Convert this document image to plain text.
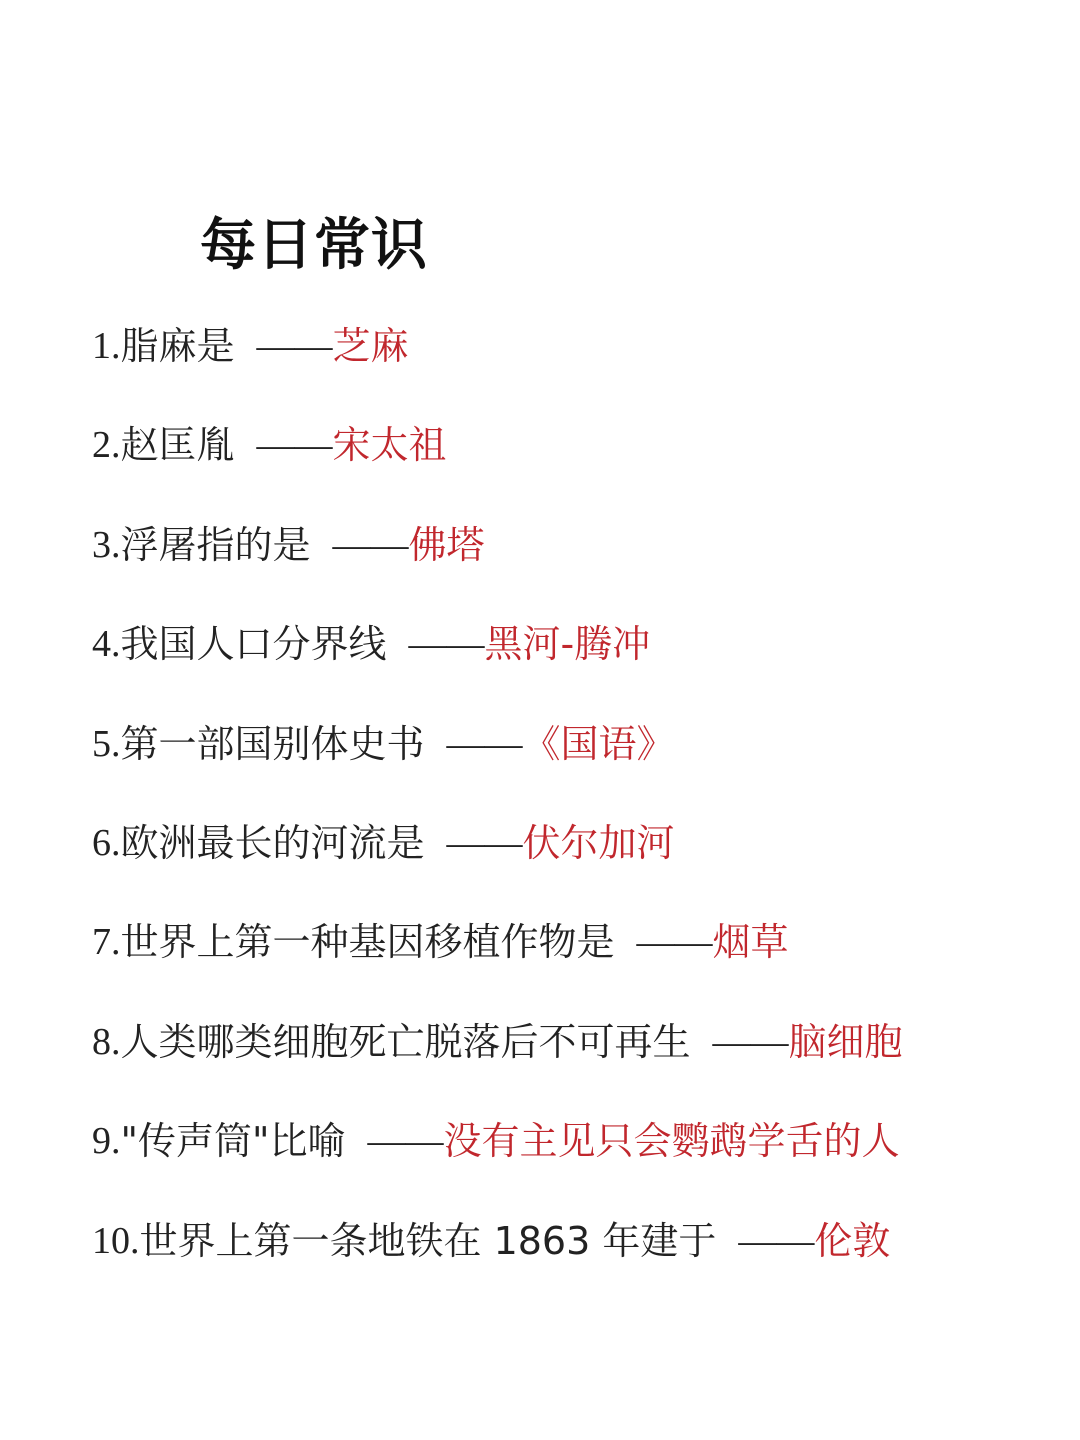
每日常识
1. 脂麻是 —— 芝麻
2. 赵匡胤 —— 宋太祖
3. 浮屠指的是 —— 佛塔
4. 我国人口分界线 —— 黑河-腾冲
5. 第一部国别体史书 —— 《国语》
6. 欧洲最长的河流是 —— 伏尔加河
7. 世界上第一种基因移植作物是 —— 烟草
8. 人类哪类细胞死亡脱落后不可再生 —— 脑细胞
9. "传声筒"比喻 —— 没有主见只会鹦鹉学舌的人
10. 世界上第一条地铁在 1863 年建于 —— 伦敦
